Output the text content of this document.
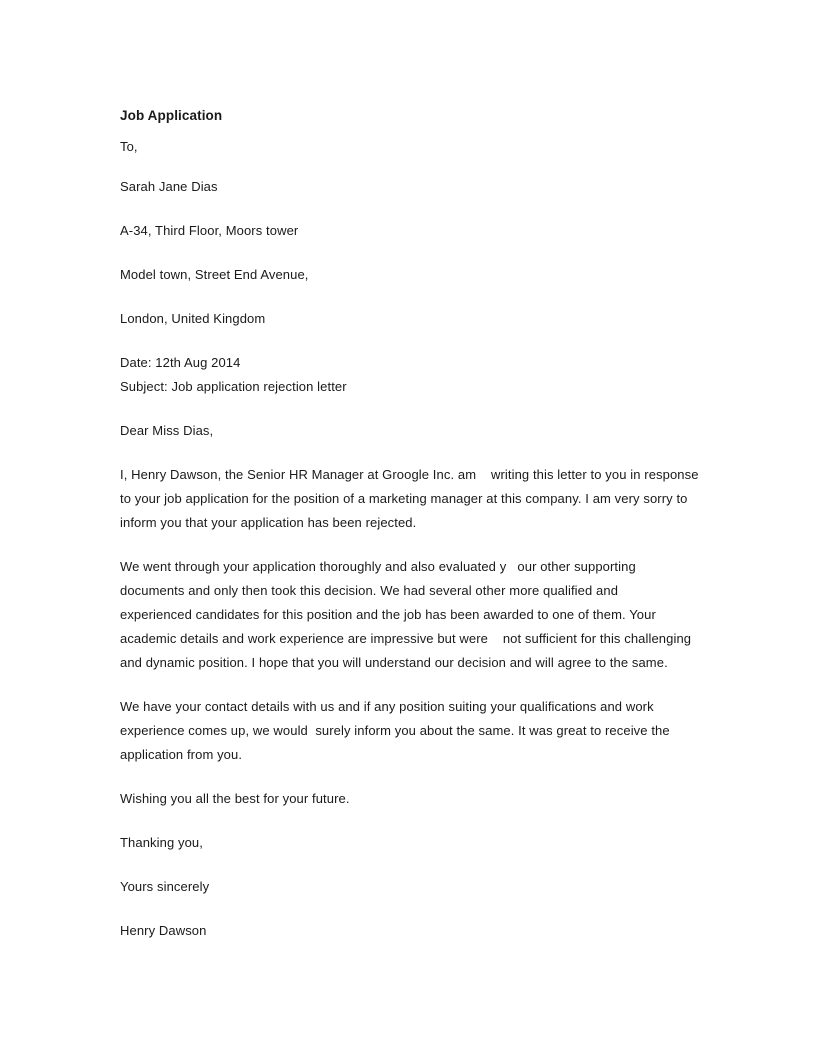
Job Application
To,
Sarah Jane Dias
A-34, Third Floor, Moors tower
Model town, Street End Avenue,
London, United Kingdom
Date: 12th Aug 2014
Subject: Job application rejection letter
Dear Miss Dias,
I, Henry Dawson, the Senior HR Manager at Groogle Inc. am    writing this letter to you in response
to your job application for the position of a marketing manager at this company. I am very sorry to
inform you that your application has been rejected.
We went through your application thoroughly and also evaluated y   our other supporting
documents and only then took this decision. We had several other more qualified and
experienced candidates for this position and the job has been awarded to one of them. Your
academic details and work experience are impressive but were    not sufficient for this challenging
and dynamic position. I hope that you will understand our decision and will agree to the same.
We have your contact details with us and if any position suiting your qualifications and work
experience comes up, we would  surely inform you about the same. It was great to receive the
application from you.
Wishing you all the best for your future.
Thanking you,
Yours sincerely
Henry Dawson
